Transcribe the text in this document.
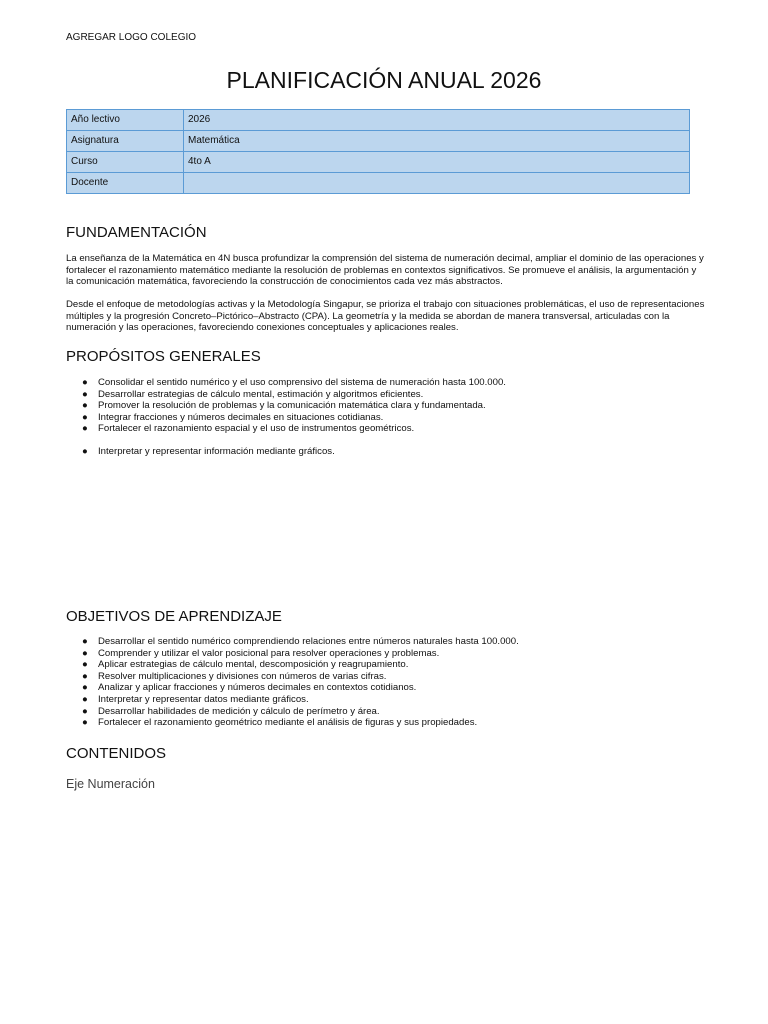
AGREGAR LOGO COLEGIO
PLANIFICACIÓN ANUAL 2026
Año lectivo	2026
Asignatura	Matemática
Curso	4to A
Docente	
FUNDAMENTACIÓN

La enseñanza de la Matemática en 4N busca profundizar la comprensión del sistema de numeración decimal, ampliar el dominio de las operaciones y fortalecer el razonamiento matemático mediante la resolución de problemas en contextos significativos. Se promueve el análisis, la argumentación y la comunicación matemática, favoreciendo la construcción de conocimientos cada vez más abstractos.

Desde el enfoque de metodologías activas y la Metodología Singapur, se prioriza el trabajo con situaciones problemáticas, el uso de representaciones múltiples y la progresión Concreto–Pictórico–Abstracto (CPA). La geometría y la medida se abordan de manera transversal, articuladas con la numeración y las operaciones, favoreciendo conexiones conceptuales y aplicaciones reales.

PROPÓSITOS GENERALES
● Consolidar el sentido numérico y el uso comprensivo del sistema de numeración hasta 100.000.
● Desarrollar estrategias de cálculo mental, estimación y algoritmos eficientes.
● Promover la resolución de problemas y la comunicación matemática clara y fundamentada.
● Integrar fracciones y números decimales en situaciones cotidianas.
● Fortalecer el razonamiento espacial y el uso de instrumentos geométricos.
● Interpretar y representar información mediante gráficos.
OBJETIVOS DE APRENDIZAJE
● Desarrollar el sentido numérico comprendiendo relaciones entre números naturales hasta 100.000.
● Comprender y utilizar el valor posicional para resolver operaciones y problemas.
● Aplicar estrategias de cálculo mental, descomposición y reagrupamiento.
● Resolver multiplicaciones y divisiones con números de varias cifras.
● Analizar y aplicar fracciones y números decimales en contextos cotidianos.
● Interpretar y representar datos mediante gráficos.
● Desarrollar habilidades de medición y cálculo de perímetro y área.
● Fortalecer el razonamiento geométrico mediante el análisis de figuras y sus propiedades.
CONTENIDOS
Eje Numeración
